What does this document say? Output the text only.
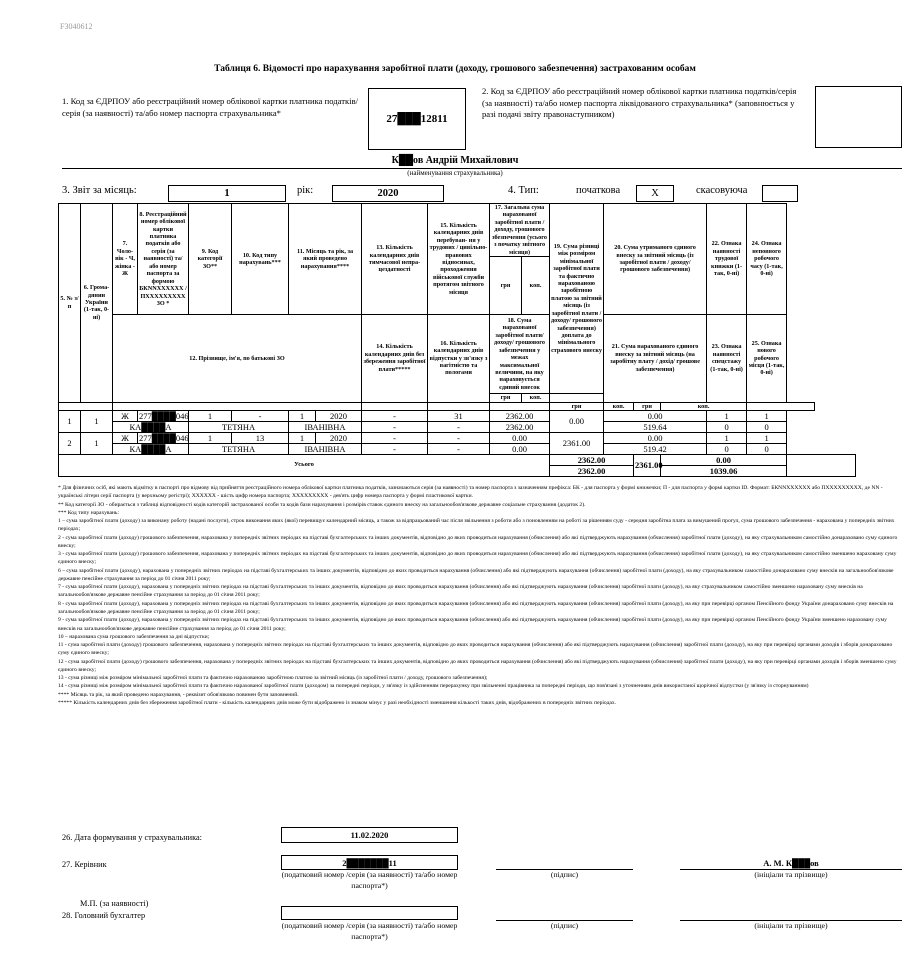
F3040612
Таблиця 6. Відомості про нарахування заробітної плати (доходу, грошового забезпечення) застрахованим особам
1. Код за ЄДРПОУ або реєстраційний номер облікової картки платника податків/серія (за наявності) та/або номер паспорта страхувальника*
27███12811
2. Код за ЄДРПОУ або реєстраційний номер облікової картки платника податків/серія (за наявності) та/або номер паспорта ліквідованого страхувальника* (заповнюється у разі подачі звіту правонаступником)
К██ов Андрій Михайлович
(найменування страхувальника)
3. Звіт за місяць:	1	рік:	2020	4. Тип:	початкова	X	скасовуюча
5. № з/п	6. Грома- дянин України (1-так, 0-ні)	7. Чоло- вік - Ч, жінка - Ж	8. Реєстраційний номер облікової картки платника податків або серія (за наявності) та/або номер паспорта за формою БКNNXXXXXX / ПXXXXXXXXX ЗО *	9. Код категорії ЗО**	10. Код типу нарахувань***	11. Місяць та рік, за який проведено нарахування****		13. Кількість календарних днів тимчасової непра- цездатності	15. Кількість календарних днів перебуван- ня у трудових / цивільно- правових відносинах, проходження військової служби протягом звітного місяця	17. Загальна сума нарахованої заробітної плати / доходу, грошового збезпечення (усього з початку звітного місяця)		19. Сума різниці між розміром мінімальної заробітної плати та фактично нарахованою заробітною платою за звітний місяць (із заробітної плати / доходу/ грошового забезпечення) доплата до мінімального страхового внеску	20. Сума утриманого єдиного внеску за звітний місяць (із заробітної плати / доходу/ грошового забезпечення)			22. Ознака наявності трудової книжки (1-так, 0-ні)	24. Ознака неповного робочого часу (1-так, 0-ні)	
										грн	коп.							
		12. Прізвище, ім'я, по батькові ЗО						14. Кількість календарних днів без збереження заробітної плати*****	16. Кількість календарних днів відпустки у зв'язку з вагітністю та пологами	18. Сума нарахованої заробітної плати/ доходу/ грошового забезпечення у межах максимальної величини, на яку нараховується єдиний внесок			21. Сума нарахованого єдиного внеску за звітний місяць (на заробітну плату / дохід/ грошове забезпечення)			23. Ознака наявності спецстажу (1-так, 0-ні)	25. Ознака нового робочого місця (1-так, 0-ні)	
										грн	коп.							
												грн	коп.	грн	коп.			
1	1	Ж	277████046	1	-	1	2020	-	31	2362.00		0.00	0.00			1	1	
		КА████А		ТЕТЯНА		ІВАНІВНА		-	-	2362.00			519.64			0	0	
2	1	Ж	277████046	1	13	1	2020	-	-	0.00		2361.00	0.00			1	1	
		КА████А		ТЕТЯНА		ІВАНІВНА		-	-	0.00			519.42			0	0	
Усього												2362.00		2361.00	0.00			
												2362.00			1039.06			

* Для фізичних осіб, які мають відмітку в паспорті про відмову від прийняття реєстраційного номера облікової картки платника податків, зазначаються серія (за наявності) та номер паспорта з зазначенням префікса: БК - для паспорта у формі книжечки; П - для паспорта у формі картки ID. Формат: БКNNXXXXXX або ПXXXXXXXXX, де NN - українські літери серії паспорта (у верхньому регістрі); XXXXXX - шість цифр номера паспорта; XXXXXXXXX - дев'ять цифр номера паспорта у формі пластикової картки.

** Код категорії ЗО - обирається з таблиці відповідності кодів категорій застрахованої особи та кодів бази нарахування і розмірів ставок єдиного внеску на загальнообов'язкове державне соціальне страхування (додаток 2).

*** Код типу нарахувань:

1 – сума заробітної плати (доходу) за виконану роботу (надані послуги), строк виконання яких (якої) перевищує календарний місяць, а також за відпрацьований час після звільнення з роботи або з поновленням на роботі за рішенням суду - середня заробітна плата за вимушений прогул, сума грошового забезпечення - нарахована у попередніх звітних періодах;

2 - сума заробітної плати (доходу) грошового забезпечення, нарахована у попередніх звітних періодах на підставі бухгалтерських та інших документів, відповідно до яких проводиться нарахування (обчислення) або які підтверджують нарахування (обчислення) заробітної плати (доходу), на яку страхувальником самостійно донараховано суму єдиного внеску;

3 - сума заробітної плати (доходу) грошового забезпечення, нарахована у попередніх звітних періодах на підставі бухгалтерських та інших документів, відповідно до яких проводиться нарахування (обчислення) або які підтверджують нарахування (обчислення) заробітної плати (доходу), на яку страхувальником самостійно зменшено нараховану суму єдиного внеску;

6 – сума заробітної плати (доходу), нарахована у попередніх звітних періодах на підставі бухгалтерських та інших документів, відповідно до яких проводиться нарахування (обчислення) або які підтверджують нарахування (обчислення) заробітної плати (доходу), на яку страхувальником самостійно донараховано суму внесків на загальнообов'язкове державне пенсійне страхування за період до 01 січня 2011 року;

7 - сума заробітної плати (доходу), нарахована у попередніх звітних періодах на підставі бухгалтерських та інших документів, відповідно до яких проводиться нарахування (обчислення) або які підтверджують нарахування (обчислення) заробітної плати (доходу), на яку страхувальником самостійно зменшено нараховану суму внесків на загальнообов'язкове державне пенсійне страхування за період до 01 січня 2011 року;

8 - сума заробітної плати (доходу), нарахована у попередніх звітних періодах на підставі бухгалтерських та інших документів, відповідно до яких проводиться нарахування (обчислення) або які підтверджують нарахування (обчислення) заробітної плати (доходу), на яку при перевірці органом Пенсійного фонду України донараховано суму внесків на загальнообов'язкове державне пенсійне страхування за період до 01 січня 2011 року;

9 - сума заробітної плати (доходу), нарахована у попередніх звітних періодах на підставі бухгалтерських та інших документів, відповідно до яких проводиться нарахування (обчислення) або які підтверджують нарахування (обчислення) заробітної плати (доходу), на яку при перевірці органом Пенсійного фонду України зменшено нараховану суму внесків на загальнообов'язкове державне пенсійне страхування за період до 01 січня 2011 року;

10 – нарахована сума грошового забезпечення за дні відпустки;

11 - сума заробітної плати (доходу) грошового забезпечення, нарахована у попередніх звітних періодах на підставі бухгалтерських та інших документів, відповідно до яких проводиться нарахування (обчислення) або які підтверджують нарахування (обчислення) заробітної плати (доходу), на яку при перевірці органами доходів і зборів донараховано суму єдиного внеску;

12 - сума заробітної плати (доходу) грошового забезпечення, нарахована у попередніх звітних періодах на підставі бухгалтерських та інших документів, відповідно до яких проводиться нарахування (обчислення) або які підтверджують нарахування (обчислення) заробітної плати (доходу), на яку при перевірці органами доходів і зборів зменшено суму єдиного внеску;

13 - сума різниці між розміром мінімальної заробітної плати та фактично нарахованою заробітною платою за звітний місяць (із заробітної плати / доходу, грошового забезпечення);

14 - сума різниці між розміром мінімальної заробітної плати та фактично нарахованої заробітної плати (доходом) за попередні періоди, у зв'язку із здійсненням перерахунку при звільненні працівника за попередні періоди, що пов'язані з уточненням днів використаної щорічної відпустки (у зв'язку із сторнуванням)

**** Місяць та рік, за який проведено нарахування, - реквізит обов'язково повинен бути заповнений.

***** Кількість календарних днів без збереження заробітної плати - кількість календарних днів може бути відображено із знаком мінус у разі необхідності зменшення кількості таких днів, відображених в попередніх звітних періодах.

26. Дата формування у страхувальника:	11.02.2020
27. Керівник	2███████11
(податковий номер /серія (за наявності) та/або номер паспорта*)
(підпис)
А. М. К███ов
(ініціали та прізвище)
М.П. (за наявності)
28. Головний бухгалтер
(податковий номер /серія (за наявності) та/або номер паспорта*)
(підпис)	(ініціали та прізвище)
